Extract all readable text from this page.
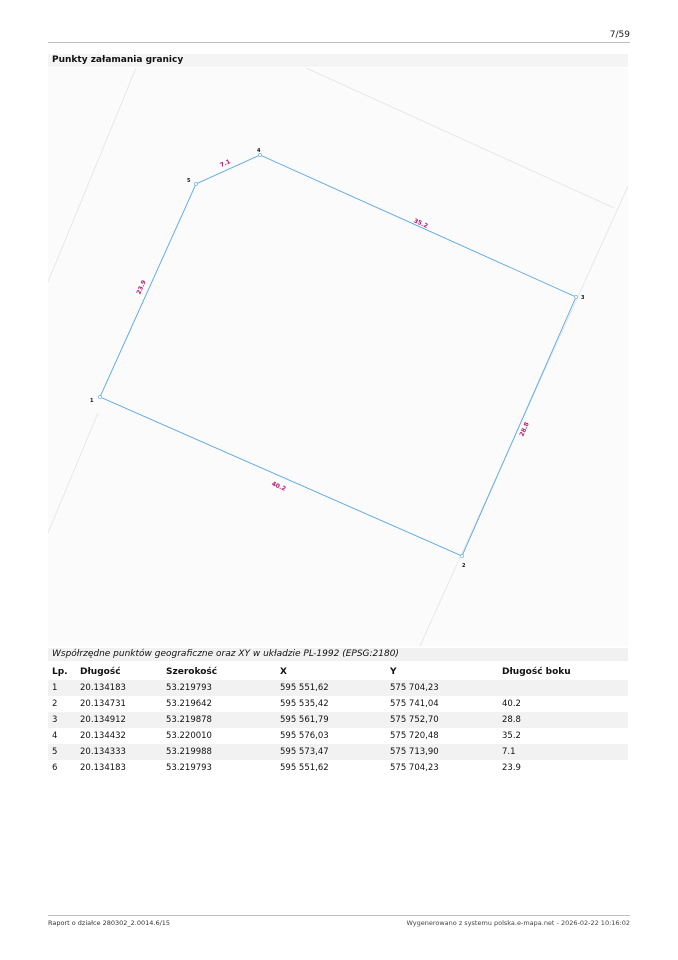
7/59
Punkty załamania granicy
1
2
3
4
5
40.2
28.8
35.2
7.1
23.9
Współrzędne punktów geograficzne oraz XY w układzie PL-1992 (EPSG:2180)
Lp.	Długość	Szerokość	X	Y	Długość boku
1	20.134183	53.219793	595 551,62	575 704,23	
2	20.134731	53.219642	595 535,42	575 741,04	40.2
3	20.134912	53.219878	595 561,79	575 752,70	28.8
4	20.134432	53.220010	595 576,03	575 720,48	35.2
5	20.134333	53.219988	595 573,47	575 713,90	7.1
6	20.134183	53.219793	595 551,62	575 704,23	23.9
Raport o działce 280302_2.0014.6/15	Wygenerowano z systemu polska.e-mapa.net - 2026-02-22 10:16:02
